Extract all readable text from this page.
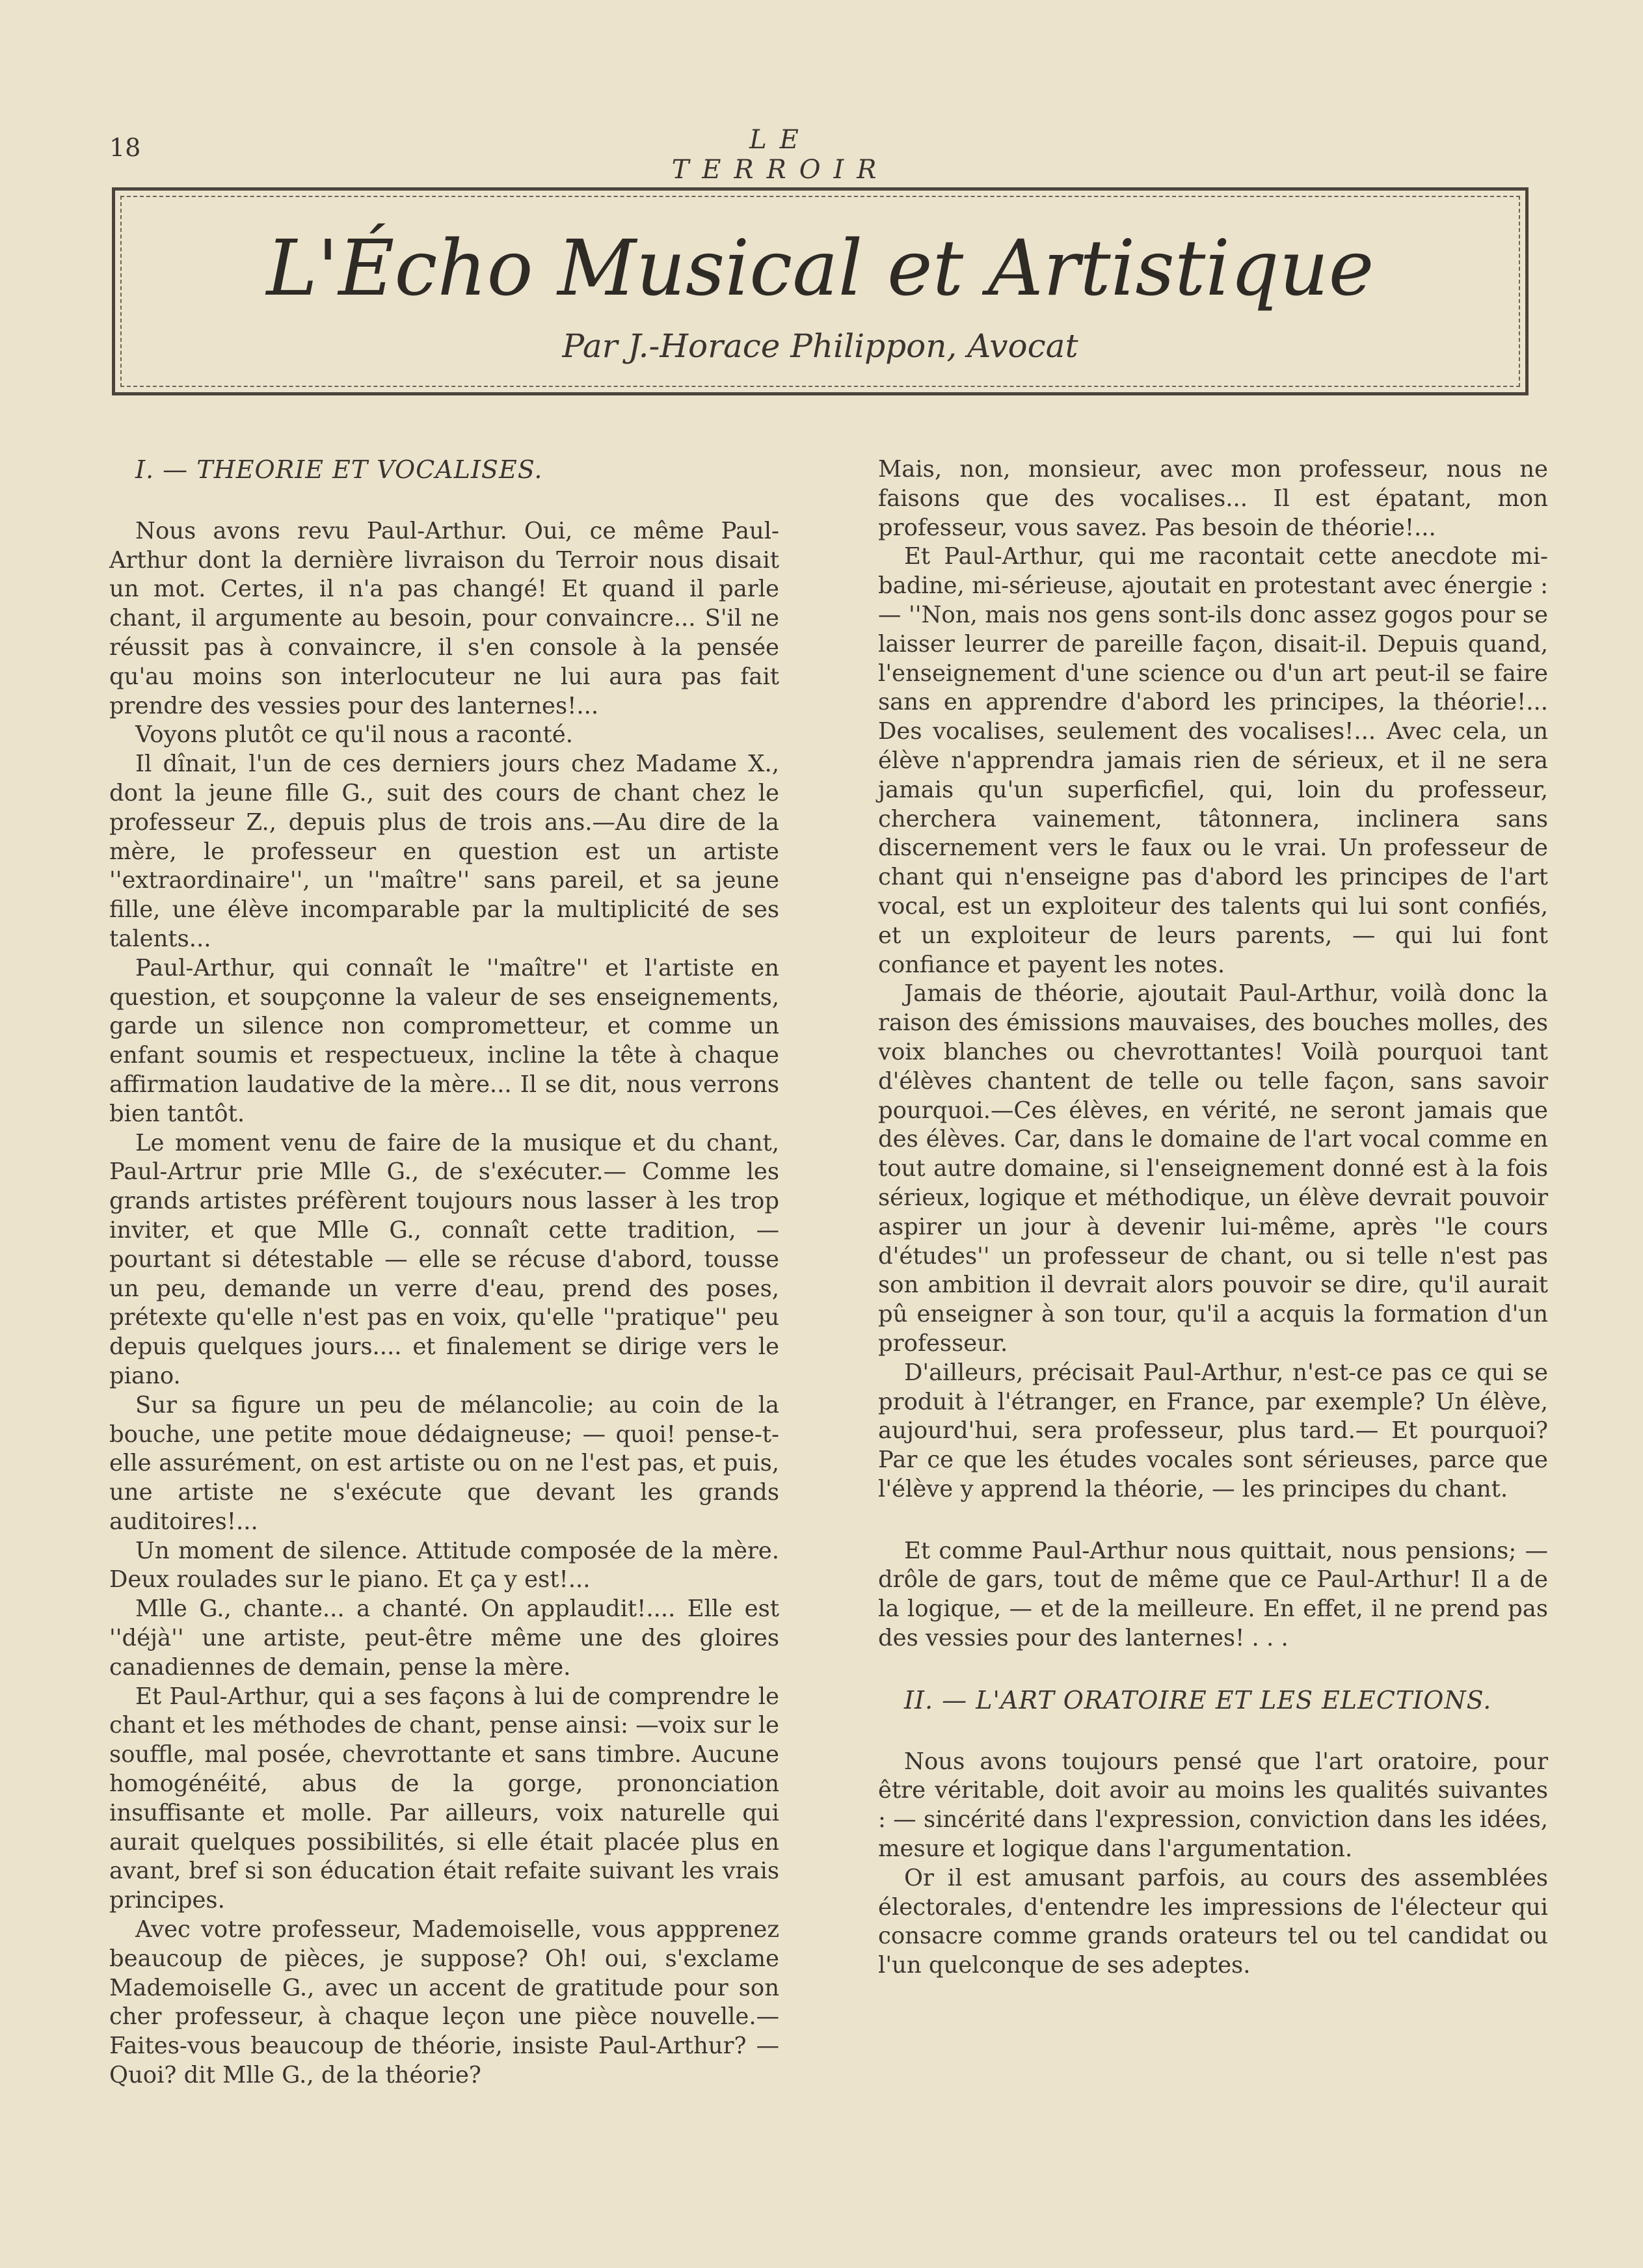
18	LE TERROIR
L'Écho Musical et Artistique
Par J.-Horace Philippon, Avocat

I. — THEORIE ET VOCALISES.

Nous avons revu Paul-Arthur. Oui, ce même Paul-Arthur dont la dernière livraison du Terroir nous disait un mot. Certes, il n'a pas changé! Et quand il parle chant, il argumente au besoin, pour convaincre... S'il ne réussit pas à convaincre, il s'en console à la pensée qu'au moins son interlocuteur ne lui aura pas fait prendre des vessies pour des lanternes!...

Voyons plutôt ce qu'il nous a raconté.

Il dînait, l'un de ces derniers jours chez Madame X., dont la jeune fille G., suit des cours de chant chez le professeur Z., depuis plus de trois ans.—Au dire de la mère, le professeur en question est un artiste ''extraordinaire'', un ''maître'' sans pareil, et sa jeune fille, une élève incomparable par la multiplicité de ses talents...

Paul-Arthur, qui connaît le ''maître'' et l'artiste en question, et soupçonne la valeur de ses enseignements, garde un silence non comprometteur, et comme un enfant soumis et respectueux, incline la tête à chaque affirmation laudative de la mère... Il se dit, nous verrons bien tantôt.

Le moment venu de faire de la musique et du chant, Paul-Artrur prie Mlle G., de s'exécuter.— Comme les grands artistes préfèrent toujours nous lasser à les trop inviter, et que Mlle G., connaît cette tradition, — pourtant si détestable — elle se récuse d'abord, tousse un peu, demande un verre d'eau, prend des poses, prétexte qu'elle n'est pas en voix, qu'elle ''pratique'' peu depuis quelques jours.... et finalement se dirige vers le piano.

Sur sa figure un peu de mélancolie; au coin de la bouche, une petite moue dédaigneuse; — quoi! pense-t-elle assurément, on est artiste ou on ne l'est pas, et puis, une artiste ne s'exécute que devant les grands auditoires!...

Un moment de silence. Attitude composée de la mère. Deux roulades sur le piano. Et ça y est!...

Mlle G., chante... a chanté. On applaudit!.... Elle est ''déjà'' une artiste, peut-être même une des gloires canadiennes de demain, pense la mère.

Et Paul-Arthur, qui a ses façons à lui de comprendre le chant et les méthodes de chant, pense ainsi: —voix sur le souffle, mal posée, chevrottante et sans timbre. Aucune homogénéité, abus de la gorge, prononciation insuffisante et molle. Par ailleurs, voix naturelle qui aurait quelques possibilités, si elle était placée plus en avant, bref si son éducation était refaite suivant les vrais principes.

Avec votre professeur, Mademoiselle, vous appprenez beaucoup de pièces, je suppose? Oh! oui, s'exclame Mademoiselle G., avec un accent de gratitude pour son cher professeur, à chaque leçon une pièce nouvelle.—Faites-vous beaucoup de théorie, insiste Paul-Arthur? — Quoi? dit Mlle G., de la théorie?

Mais, non, monsieur, avec mon professeur, nous ne faisons que des vocalises... Il est épatant, mon professeur, vous savez. Pas besoin de théorie!...

Et Paul-Arthur, qui me racontait cette anecdote mi-badine, mi-sérieuse, ajoutait en protestant avec énergie : — ''Non, mais nos gens sont-ils donc assez gogos pour se laisser leurrer de pareille façon, disait-il. Depuis quand, l'enseignement d'une science ou d'un art peut-il se faire sans en apprendre d'abord les principes, la théorie!... Des vocalises, seulement des vocalises!... Avec cela, un élève n'apprendra jamais rien de sérieux, et il ne sera jamais qu'un superficfiel, qui, loin du professeur, cherchera vainement, tâtonnera, inclinera sans discernement vers le faux ou le vrai. Un professeur de chant qui n'enseigne pas d'abord les principes de l'art vocal, est un exploiteur des talents qui lui sont confiés, et un exploiteur de leurs parents, — qui lui font confiance et payent les notes.

Jamais de théorie, ajoutait Paul-Arthur, voilà donc la raison des émissions mauvaises, des bouches molles, des voix blanches ou chevrottantes! Voilà pourquoi tant d'élèves chantent de telle ou telle façon, sans savoir pourquoi.—Ces élèves, en vérité, ne seront jamais que des élèves. Car, dans le domaine de l'art vocal comme en tout autre domaine, si l'enseignement donné est à la fois sérieux, logique et méthodique, un élève devrait pouvoir aspirer un jour à devenir lui-même, après ''le cours d'études'' un professeur de chant, ou si telle n'est pas son ambition il devrait alors pouvoir se dire, qu'il aurait pû enseigner à son tour, qu'il a acquis la formation d'un professeur.

D'ailleurs, précisait Paul-Arthur, n'est-ce pas ce qui se produit à l'étranger, en France, par exemple? Un élève, aujourd'hui, sera professeur, plus tard.— Et pourquoi? Par ce que les études vocales sont sérieuses, parce que l'élève y apprend la théorie, — les principes du chant.

Et comme Paul-Arthur nous quittait, nous pensions; — drôle de gars, tout de même que ce Paul-Arthur! Il a de la logique, — et de la meilleure. En effet, il ne prend pas des vessies pour des lanternes! . . .

II. — L'ART ORATOIRE ET LES ELECTIONS.

Nous avons toujours pensé que l'art oratoire, pour être véritable, doit avoir au moins les qualités suivantes : — sincérité dans l'expression, conviction dans les idées, mesure et logique dans l'argumentation.

Or il est amusant parfois, au cours des assemblées électorales, d'entendre les impressions de l'électeur qui consacre comme grands orateurs tel ou tel candidat ou l'un quelconque de ses adeptes.
